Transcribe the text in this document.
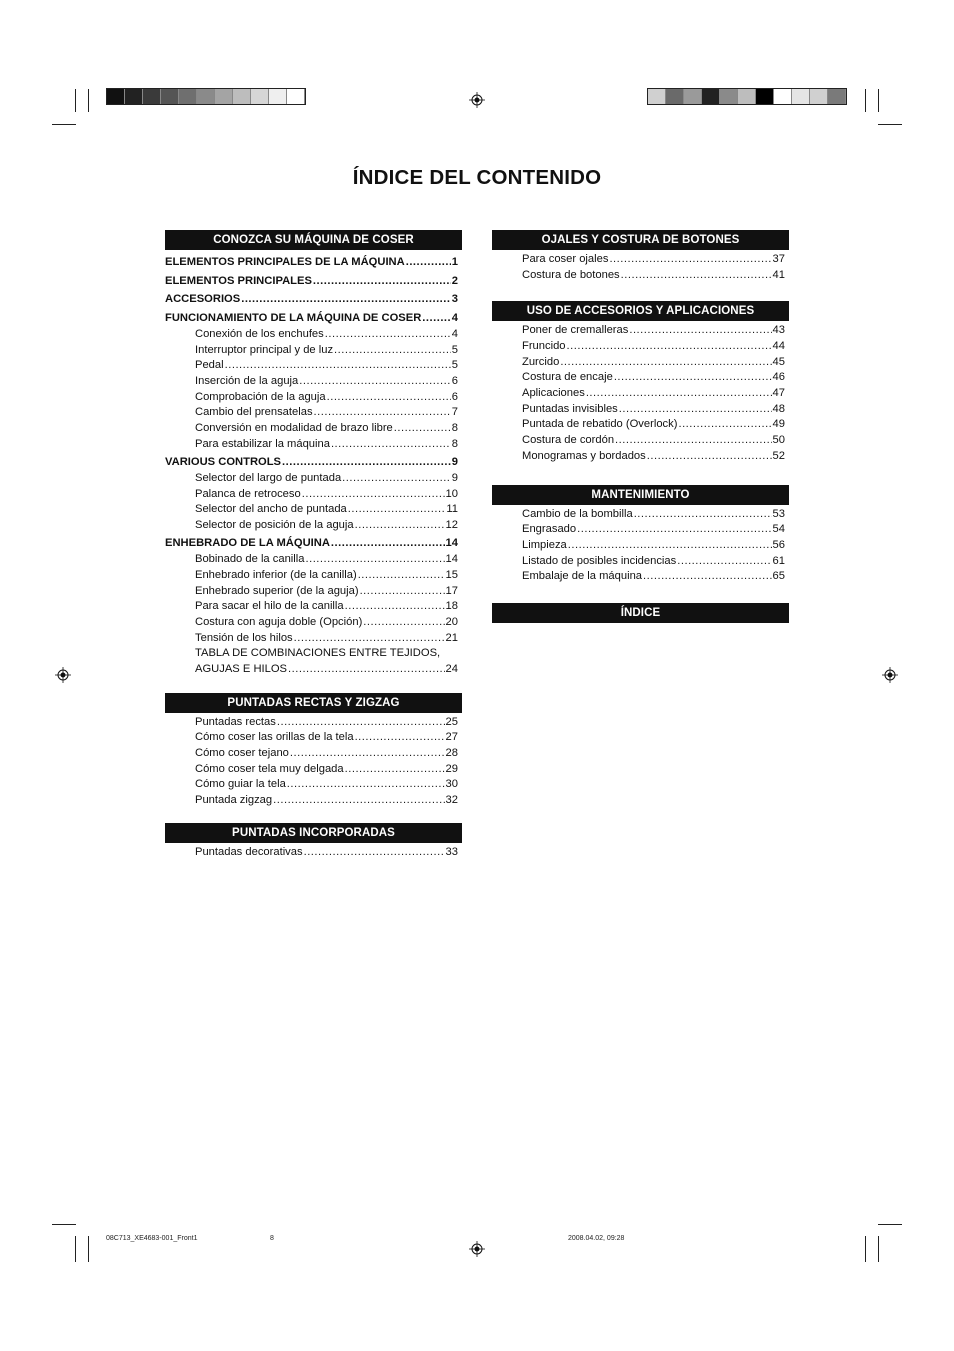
ÍNDICE DEL CONTENIDO
CONOZCA SU MÁQUINA DE COSER
ELEMENTOS PRINCIPALES DE LA MÁQUINA .....	1
ELEMENTOS PRINCIPALES .....	2
ACCESORIOS .....	3
FUNCIONAMIENTO DE LA MÁQUINA DE COSER .....	4
Conexión de los enchufes .....	4
Interruptor principal y de luz .....	5
Pedal .....	5
Inserción de la aguja .....	6
Comprobación de la aguja .....	6
Cambio del prensatelas .....	7
Conversión en modalidad de brazo libre .....	8
Para estabilizar la máquina .....	8
VARIOUS CONTROLS .....	9
Selector del largo de puntada .....	9
Palanca de retroceso .....	10
Selector del ancho de puntada .....	11
Selector de posición de la aguja .....	12
ENHEBRADO DE LA MÁQUINA .....	14
Bobinado de la canilla .....	14
Enhebrado inferior (de la canilla) .....	15
Enhebrado superior (de la aguja) .....	17
Para sacar el hilo de la canilla .....	18
Costura con aguja doble (Opción) .....	20
Tensión de los hilos .....	21
TABLA DE COMBINACIONES ENTRE TEJIDOS,
AGUJAS E HILOS .....	24
PUNTADAS RECTAS Y ZIGZAG
Puntadas rectas .....	25
Cómo coser las orillas de la tela .....	27
Cómo coser tejano .....	28
Cómo coser tela muy delgada .....	29
Cómo guiar la tela .....	30
Puntada zigzag .....	32
PUNTADAS INCORPORADAS
Puntadas decorativas .....	33
OJALES Y COSTURA DE BOTONES
Para coser ojales .....	37
Costura de botones .....	41
USO DE ACCESORIOS Y APLICACIONES
Poner de cremalleras .....	43
Fruncido .....	44
Zurcido .....	45
Costura de encaje .....	46
Aplicaciones .....	47
Puntadas invisibles .....	48
Puntada de rebatido (Overlock) .....	49
Costura de cordón .....	50
Monogramas y bordados .....	52
MANTENIMIENTO
Cambio de la bombilla .....	53
Engrasado .....	54
Limpieza .....	56
Listado de posibles incidencias .....	61
Embalaje de la máquina .....	65
ÍNDICE
08C713_XE4683-001_Front1	8	2008.04.02, 09:28
